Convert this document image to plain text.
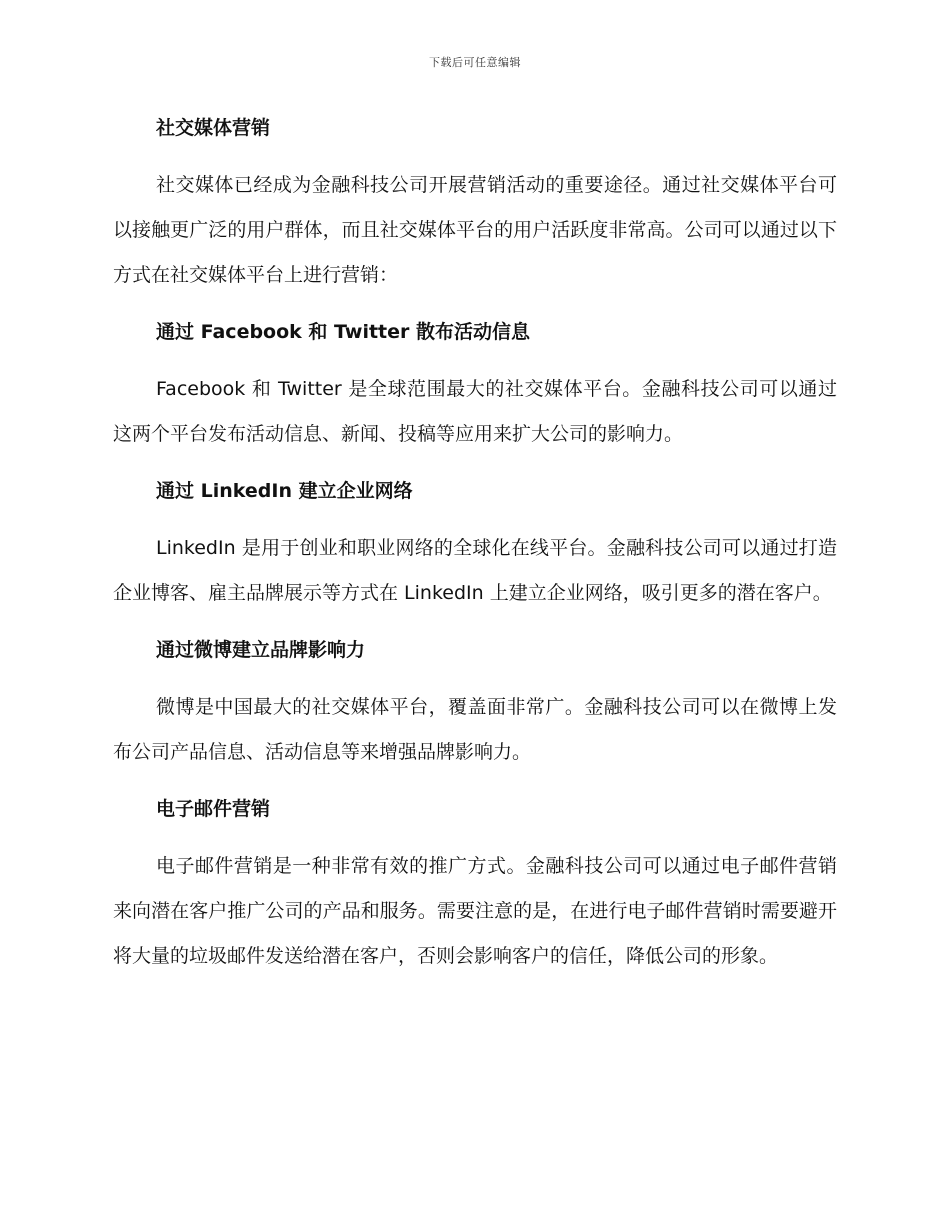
下载后可任意编辑
社交媒体营销

社交媒体已经成为金融科技公司开展营销活动的重要途径。通过社交媒体平台可以接触更广泛的用户群体，而且社交媒体平台的用户活跃度非常高。公司可以通过以下方式在社交媒体平台上进行营销：

通过 Facebook 和 Twitter 散布活动信息

Facebook 和 Twitter 是全球范围最大的社交媒体平台。金融科技公司可以通过这两个平台发布活动信息、新闻、投稿等应用来扩大公司的影响力。

通过 LinkedIn 建立企业网络

LinkedIn 是用于创业和职业网络的全球化在线平台。金融科技公司可以通过打造企业博客、雇主品牌展示等方式在 LinkedIn 上建立企业网络，吸引更多的潜在客户。

通过微博建立品牌影响力

微博是中国最大的社交媒体平台，覆盖面非常广。金融科技公司可以在微博上发布公司产品信息、活动信息等来增强品牌影响力。

电子邮件营销

电子邮件营销是一种非常有效的推广方式。金融科技公司可以通过电子邮件营销来向潜在客户推广公司的产品和服务。需要注意的是，在进行电子邮件营销时需要避开将大量的垃圾邮件发送给潜在客户，否则会影响客户的信任，降低公司的形象。
